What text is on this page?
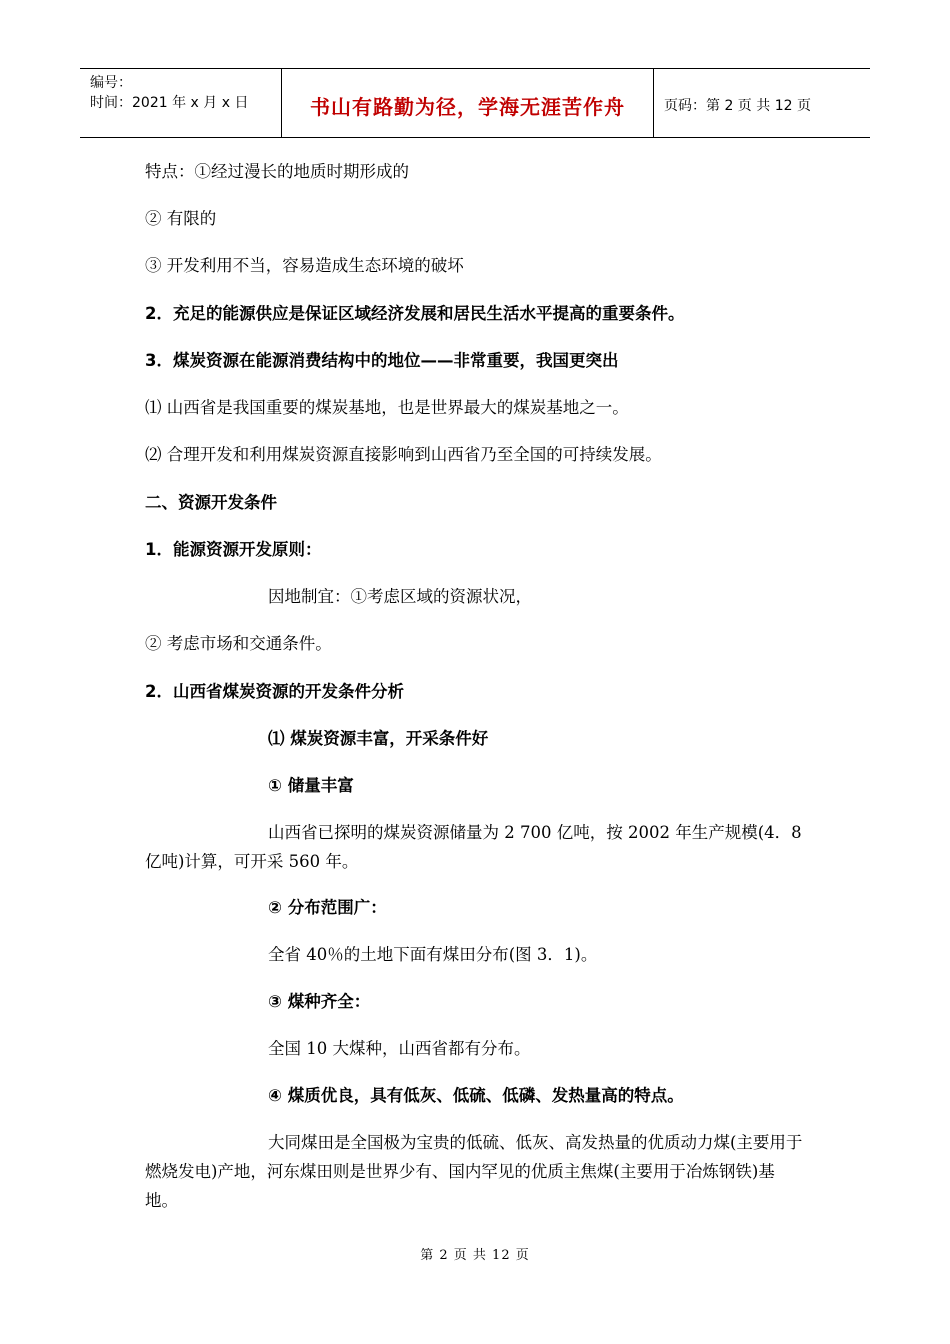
编号：
时间：2021 年 x 月 x 日	书山有路勤为径，学海无涯苦作舟	页码：第 2 页 共 12 页
特点：①经过漫长的地质时期形成的
② 有限的
③ 开发利用不当，容易造成生态环境的破坏
2．充足的能源供应是保证区域经济发展和居民生活水平提高的重要条件。
3．煤炭资源在能源消费结构中的地位——非常重要，我国更突出
⑴ 山西省是我国重要的煤炭基地，也是世界最大的煤炭基地之一。
⑵ 合理开发和利用煤炭资源直接影响到山西省乃至全国的可持续发展。
二、资源开发条件
1．能源资源开发原则：
因地制宜：①考虑区域的资源状况，
② 考虑市场和交通条件。
2．山西省煤炭资源的开发条件分析
⑴ 煤炭资源丰富，开采条件好
① 储量丰富
山西省已探明的煤炭资源储量为 2 700 亿吨，按 2002 年生产规模(4．8 亿吨)计算，可开采 560 年。
② 分布范围广：
全省 40％的土地下面有煤田分布(图 3．1)。
③ 煤种齐全：
全国 10 大煤种，山西省都有分布。
④ 煤质优良，具有低灰、低硫、低磷、发热量高的特点。
大同煤田是全国极为宝贵的低硫、低灰、高发热量的优质动力煤(主要用于燃烧发电)产地，河东煤田则是世界少有、国内罕见的优质主焦煤(主要用于冶炼钢铁)基地。
第 2 页 共 12 页
